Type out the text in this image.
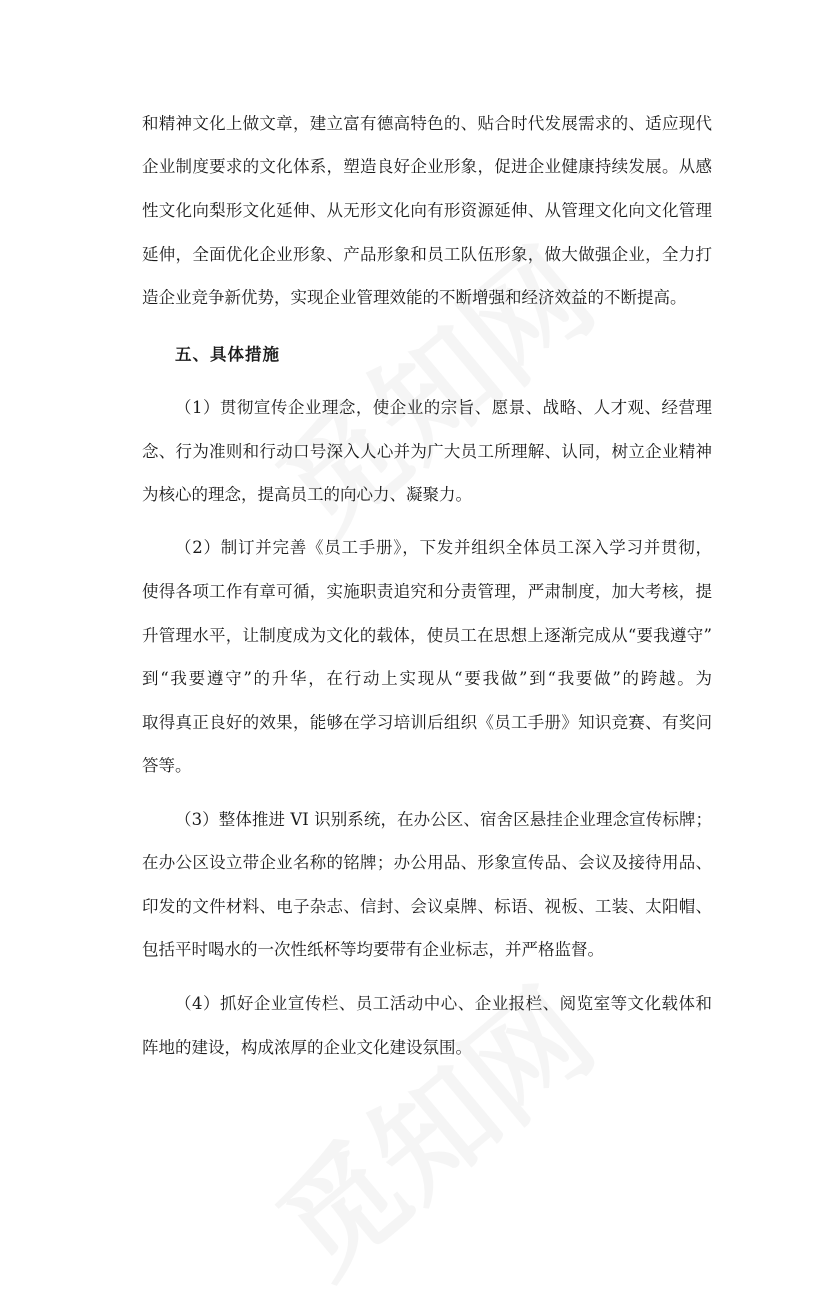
和精神文化上做文章，建立富有德高特色的、贴合时代发展需求的、适应现代
企业制度要求的文化体系，塑造良好企业形象，促进企业健康持续发展。从感
性文化向梨形文化延伸、从无形文化向有形资源延伸、从管理文化向文化管理
延伸，全面优化企业形象、产品形象和员工队伍形象，做大做强企业，全力打
造企业竞争新优势，实现企业管理效能的不断增强和经济效益的不断提高。
五、具体措施
（1）贯彻宣传企业理念，使企业的宗旨、愿景、战略、人才观、经营理
念、行为准则和行动口号深入人心并为广大员工所理解、认同，树立企业精神
为核心的理念，提高员工的向心力、凝聚力。
（2）制订并完善《员工手册》，下发并组织全体员工深入学习并贯彻，
使得各项工作有章可循，实施职责追究和分责管理，严肃制度，加大考核，提
升管理水平，让制度成为文化的载体，使员工在思想上逐渐完成从“要我遵守”
到“我要遵守”的升华，在行动上实现从“要我做”到“我要做”的跨越。为
取得真正良好的效果，能够在学习培训后组织《员工手册》知识竞赛、有奖问
答等。
（3）整体推进 VI 识别系统，在办公区、宿舍区悬挂企业理念宣传标牌；
在办公区设立带企业名称的铭牌；办公用品、形象宣传品、会议及接待用品、
印发的文件材料、电子杂志、信封、会议桌牌、标语、视板、工装、太阳帽、
包括平时喝水的一次性纸杯等均要带有企业标志，并严格监督。
（4）抓好企业宣传栏、员工活动中心、企业报栏、阅览室等文化载体和
阵地的建设，构成浓厚的企业文化建设氛围。
